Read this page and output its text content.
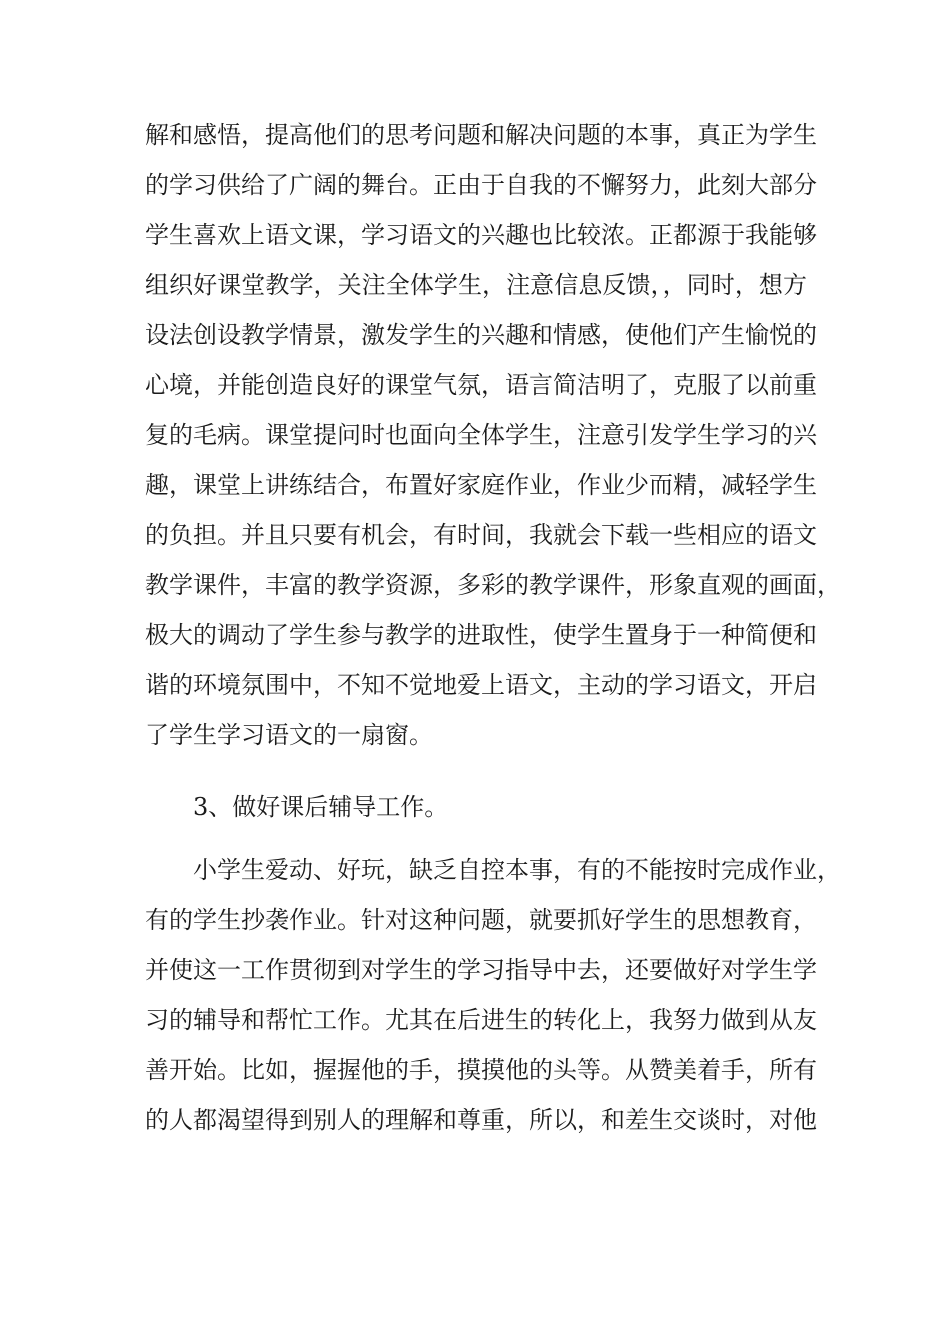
解和感悟，提高他们的思考问题和解决问题的本事，真正为学生
的学习供给了广阔的舞台。正由于自我的不懈努力，此刻大部分
学生喜欢上语文课，学习语文的兴趣也比较浓。正都源于我能够
组织好课堂教学，关注全体学生，注意信息反馈，，同时，想方
设法创设教学情景，激发学生的兴趣和情感，使他们产生愉悦的
心境，并能创造良好的课堂气氛，语言简洁明了，克服了以前重
复的毛病。课堂提问时也面向全体学生，注意引发学生学习的兴
趣，课堂上讲练结合，布置好家庭作业，作业少而精，减轻学生
的负担。并且只要有机会，有时间，我就会下载一些相应的语文
教学课件，丰富的教学资源，多彩的教学课件，形象直观的画面，
极大的调动了学生参与教学的进取性，使学生置身于一种简便和
谐的环境氛围中，不知不觉地爱上语文，主动的学习语文，开启
了学生学习语文的一扇窗。
3、做好课后辅导工作。
小学生爱动、好玩，缺乏自控本事，有的不能按时完成作业，
有的学生抄袭作业。针对这种问题，就要抓好学生的思想教育，
并使这一工作贯彻到对学生的学习指导中去，还要做好对学生学
习的辅导和帮忙工作。尤其在后进生的转化上，我努力做到从友
善开始。比如，握握他的手，摸摸他的头等。从赞美着手，所有
的人都渴望得到别人的理解和尊重，所以，和差生交谈时，对他
